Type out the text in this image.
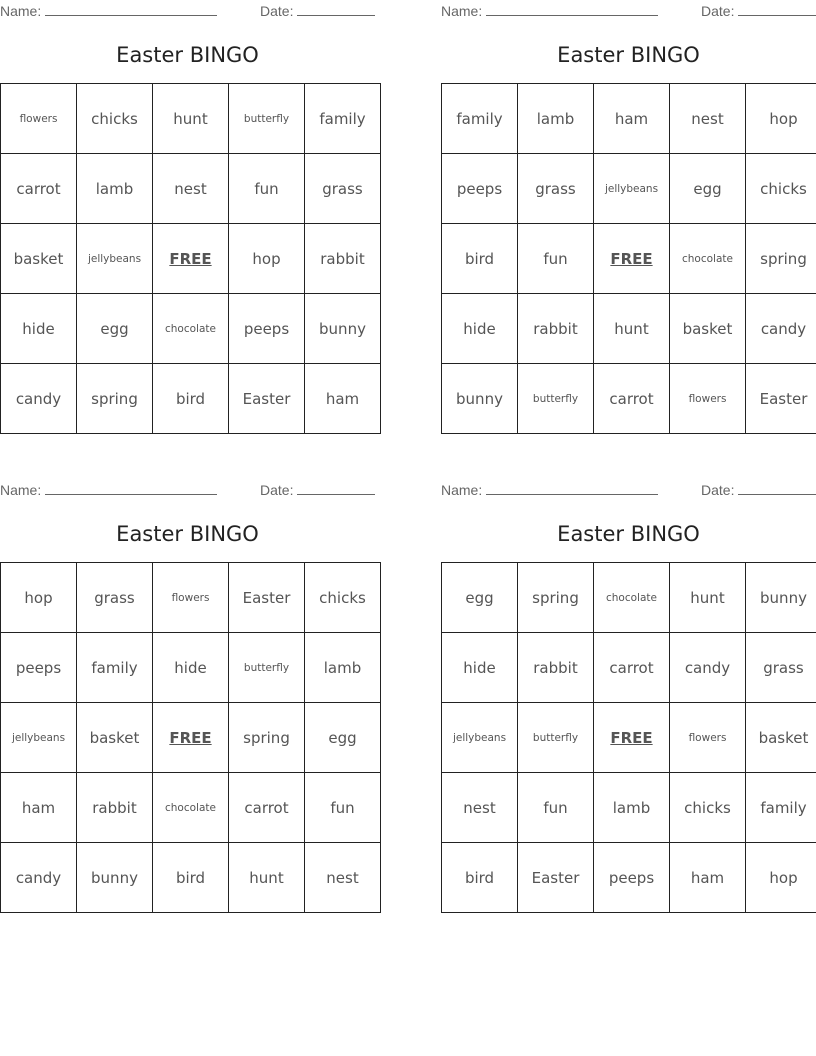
Name:	Date:
Easter BINGO
flowers	chicks	hunt	butterfly	family
carrot	lamb	nest	fun	grass
basket	jellybeans	FREE	hop	rabbit
hide	egg	chocolate	peeps	bunny
candy	spring	bird	Easter	ham
Name:	Date:
Easter BINGO
family	lamb	ham	nest	hop
peeps	grass	jellybeans	egg	chicks
bird	fun	FREE	chocolate	spring
hide	rabbit	hunt	basket	candy
bunny	butterfly	carrot	flowers	Easter
Name:	Date:
Easter BINGO
hop	grass	flowers	Easter	chicks
peeps	family	hide	butterfly	lamb
jellybeans	basket	FREE	spring	egg
ham	rabbit	chocolate	carrot	fun
candy	bunny	bird	hunt	nest
Name:	Date:
Easter BINGO
egg	spring	chocolate	hunt	bunny
hide	rabbit	carrot	candy	grass
jellybeans	butterfly	FREE	flowers	basket
nest	fun	lamb	chicks	family
bird	Easter	peeps	ham	hop
